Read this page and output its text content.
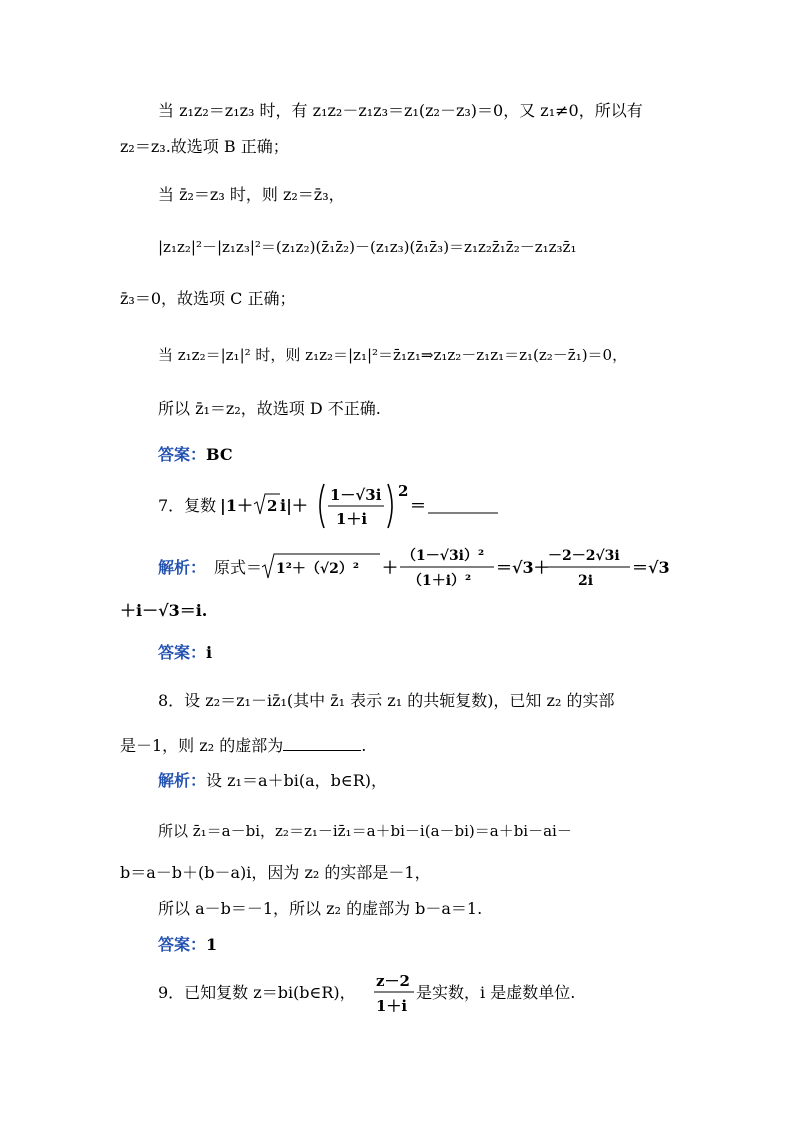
当 z₁z₂＝z₁z₃ 时，有 z₁z₂－z₁z₃＝z₁(z₂－z₃)＝0，又 z₁≠0，所以有
z₂＝z₃.故选项 B 正确；
当 z̄₂＝z₃ 时，则 z₂＝z̄₃，
|z₁z₂|²－|z₁z₃|²＝(z₁z₂)(z̄₁z̄₂)－(z₁z₃)(z̄₁z̄₃)＝z₁z₂z̄₁z̄₂－z₁z₃z̄₁
z̄₃＝0，故选项 C 正确；
当 z₁z₂＝|z₁|² 时，则 z₁z₂＝|z₁|²＝z̄₁z₁⇒z₁z₂－z₁z₁＝z₁(z₂－z̄₁)＝0，
所以 z̄₁＝z₂，故选项 D 不正确.
答案：BC
7．复数 |1＋ 2 i|＋
1－√3i
1＋i
2
＝
解析： 原式＝ 1²＋（√2）² ＋
（1－√3i）²
（1＋i）²
＝√3＋
－2－2√3i
2i
＝√3
＋i－√3＝i.
答案：i
8．设 z₂＝z₁－iz̄₁(其中 z̄₁ 表示 z₁ 的共轭复数)，已知 z₂ 的实部
是－1，则 z₂ 的虚部为	.
解析：设 z₁＝a＋bi(a，b∈R)，
所以 z̄₁＝a－bi，z₂＝z₁－iz̄₁＝a＋bi－i(a－bi)＝a＋bi－ai－
b＝a－b＋(b－a)i，因为 z₂ 的实部是－1，
所以 a－b＝－1，所以 z₂ 的虚部为 b－a＝1.
答案：1
9．已知复数 z＝bi(b∈R)，
z－2
1＋i
是实数，i 是虚数单位.
